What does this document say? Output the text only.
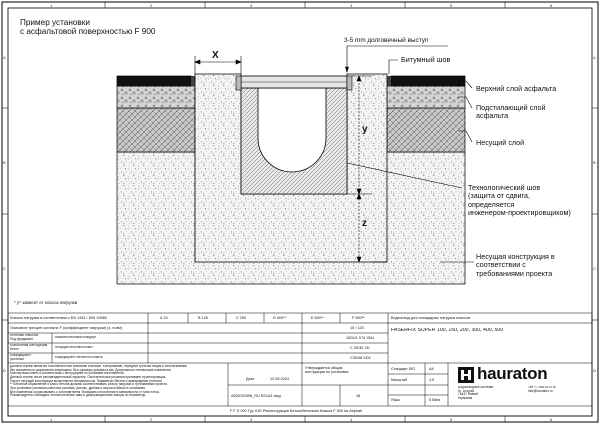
Пример установки
с асфальтовой поверхностью F 900
1	2	3	4	5	6
1	2	3	4	5	6
A
B
C
D
A
B
C
D
X
y
z
3-5 mm долговечный выступ
Битумный шов
Верхний слой асфальта
Подстилающий слой
асфальта
Несущий слой
Технологический шов
(защита от сдвига,
определяется
инженером-проектировщиком)
Несущая конструкция в
соответствии с
требованиями проекта
* у* зависит от класса нагрузки
Классы нагрузки в соответствии с EN 1433 / DIN 19580	A 15	B 125	C 250	D 400**	E 600**	F 900**
Описание трещин согласно F (коэффициент нагрузки) (x, в мм)	15 / 120
1000/1 X74 XM1
C 25/30 XD
C30/38 XD2
Бетонная отмостка
Под фундамент	Нижний бетонный стандарт
Монолитная конструкция
Бетон	Несущий бетонный класс
Коэффициент
усиления	Коэффициент бетонного класса
Данный чертеж является собственностью компании Hauraton. Копирование, передача третьим лицам и использование
без письменного разрешения запрещены. Все размеры указаны в мм. Допускаются технические изменения.
Монтаж выполнять в соответствии с инструкцией по установке изготовителя.
Данный чертеж носит рекомендательный характер. Окончательные решения принимает проектировщик.
Расчет несущей конструкции выполняется специалистом. Параметры бетона и армирования уточнять.
** Бетонное обрамление и класс бетона должны соответствовать классу нагрузки и требованиям проекта.
При установке учитывать местные условия, уклоны, дренаж и морозостойкость основания.
Все изменения согласовывать с изготовителем. Возможны отклонения в зависимости от типа лотка.
Рекомендуется соблюдать технологические швы и деформационные зазоры по периметру.
Дата	12.05.2024
Утверждается общая
инструкция по установке
0000032598_RU SS1A1.dwg	18
Водоотвод для площадных нагрузок классов
FASERFIX SUPER 100, 150, 200, 300, 400, 500
Стандарт ISO	A4
Масштаб	1:5
Язык	5 Bibis
hauraton
Водоотводные системы
Kr. Leopold
76437 Rastatt
Германия
Тел +7 495 6370 50
info@hauraton.ru
F F S 200 Typ 01D Реконструкция Бетонобетонная Класса F 900 на Asphalt
